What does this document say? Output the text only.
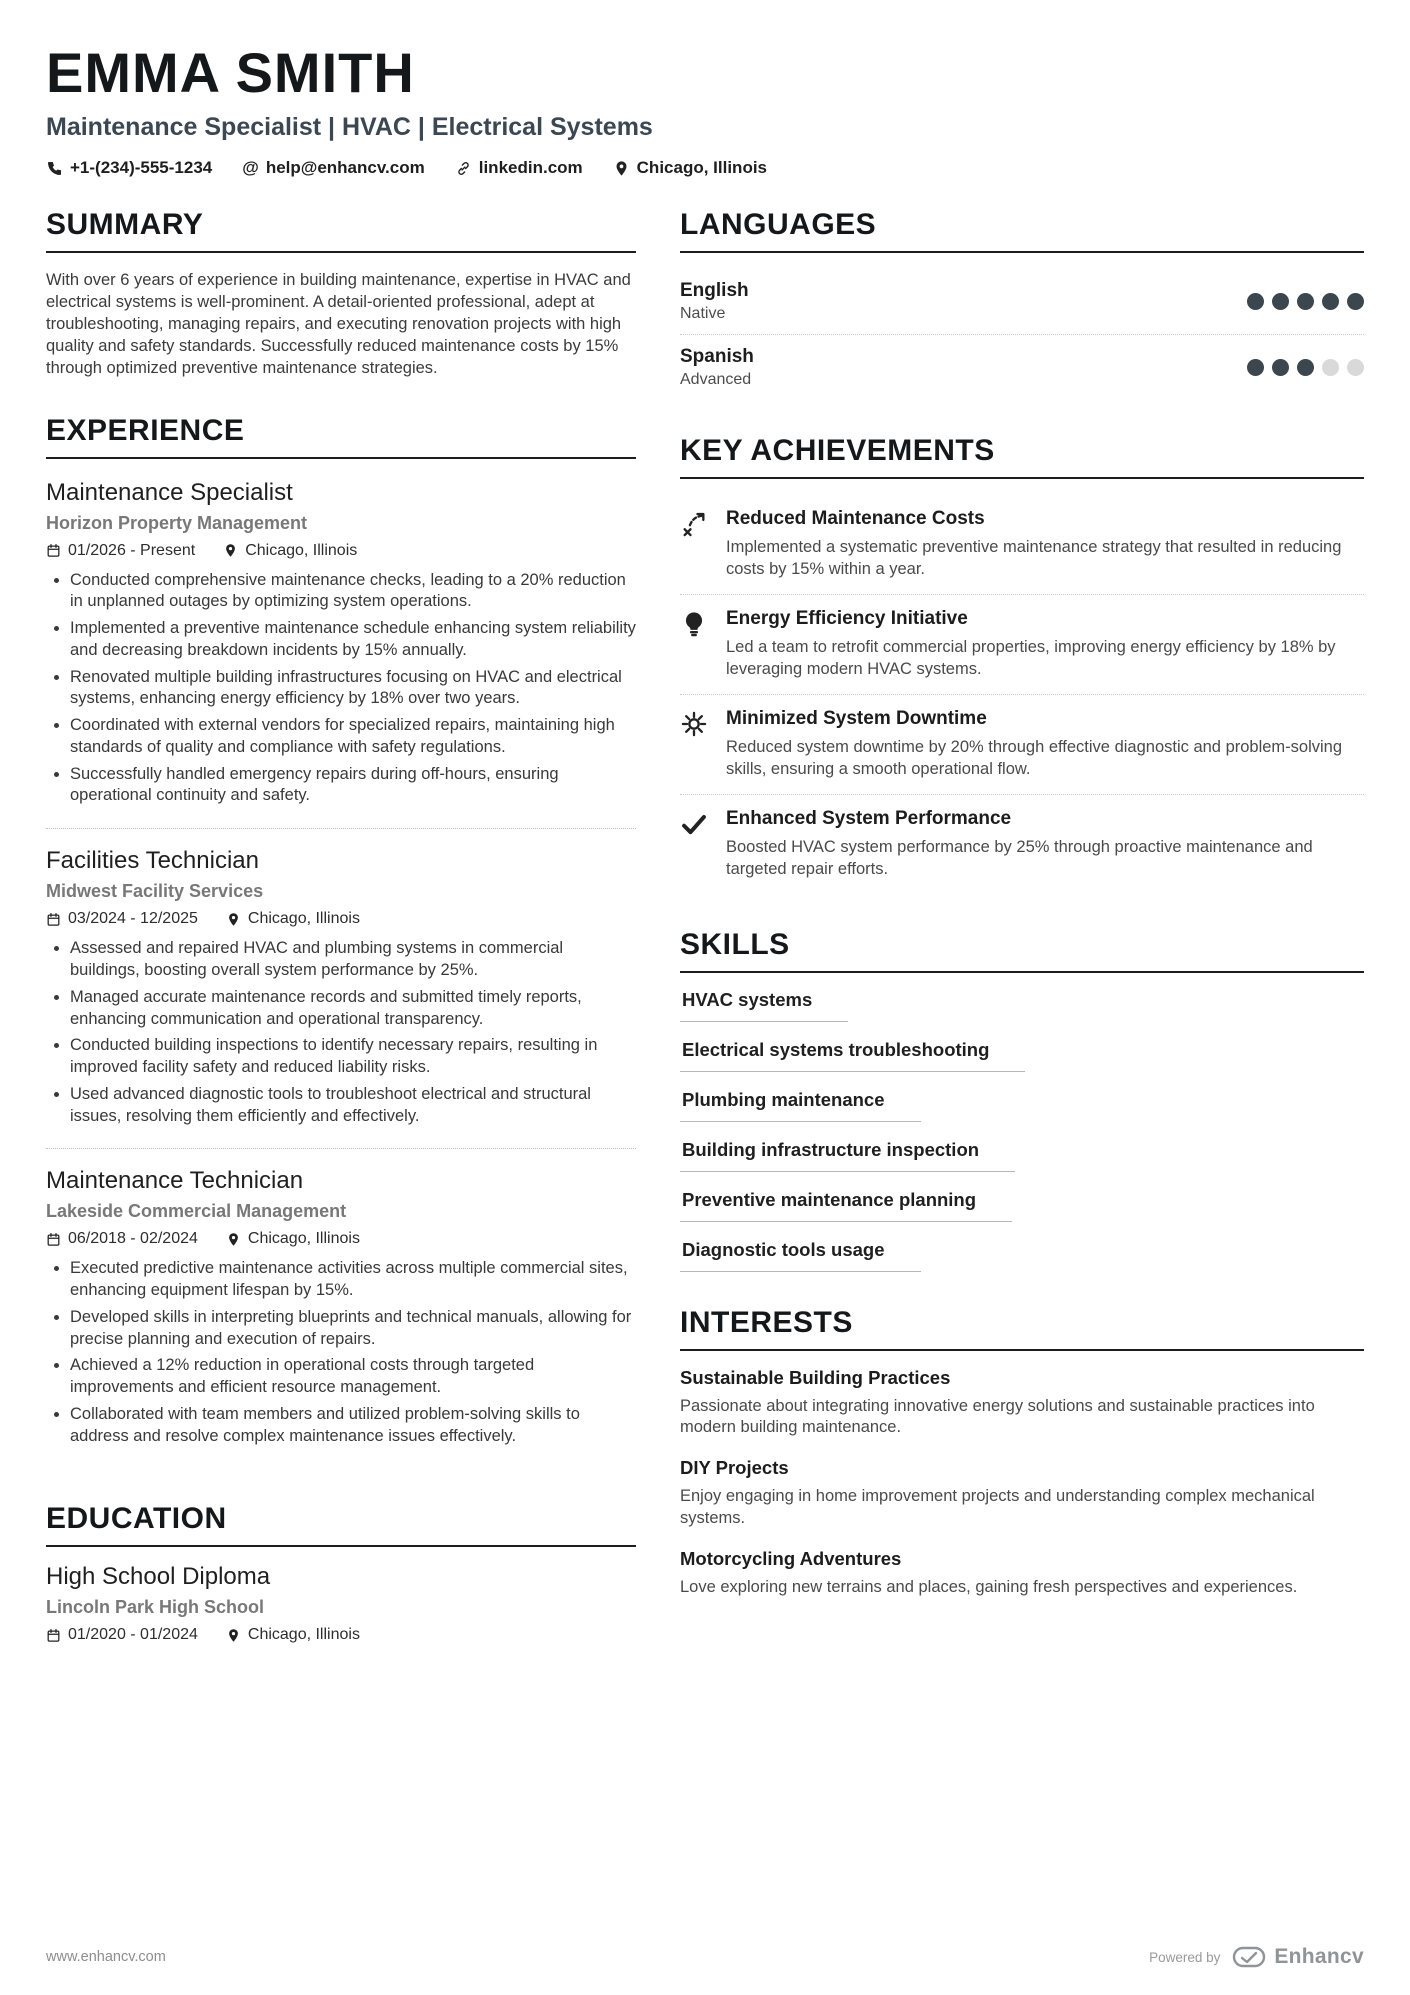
EMMA SMITH
Maintenance Specialist | HVAC | Electrical Systems
+1-(234)-555-1234 @ help@enhancv.com	linkedin.com	Chicago, Illinois
SUMMARY

With over 6 years of experience in building maintenance, expertise in HVAC and electrical systems is well-prominent. A detail-oriented professional, adept at troubleshooting, managing repairs, and executing renovation projects with high quality and safety standards. Successfully reduced maintenance costs by 15% through optimized preventive maintenance strategies.

EXPERIENCE
Maintenance Specialist
Horizon Property Management
01/2026 - Present	Chicago, Illinois
• Conducted comprehensive maintenance checks, leading to a 20% reduction in unplanned outages by optimizing system operations.
• Implemented a preventive maintenance schedule enhancing system reliability and decreasing breakdown incidents by 15% annually.
• Renovated multiple building infrastructures focusing on HVAC and electrical systems, enhancing energy efficiency by 18% over two years.
• Coordinated with external vendors for specialized repairs, maintaining high standards of quality and compliance with safety regulations.
• Successfully handled emergency repairs during off-hours, ensuring operational continuity and safety.
Facilities Technician
Midwest Facility Services
03/2024 - 12/2025	Chicago, Illinois
• Assessed and repaired HVAC and plumbing systems in commercial buildings, boosting overall system performance by 25%.
• Managed accurate maintenance records and submitted timely reports, enhancing communication and operational transparency.
• Conducted building inspections to identify necessary repairs, resulting in improved facility safety and reduced liability risks.
• Used advanced diagnostic tools to troubleshoot electrical and structural issues, resolving them efficiently and effectively.
Maintenance Technician
Lakeside Commercial Management
06/2018 - 02/2024	Chicago, Illinois
• Executed predictive maintenance activities across multiple commercial sites, enhancing equipment lifespan by 15%.
• Developed skills in interpreting blueprints and technical manuals, allowing for precise planning and execution of repairs.
• Achieved a 12% reduction in operational costs through targeted improvements and efficient resource management.
• Collaborated with team members and utilized problem-solving skills to address and resolve complex maintenance issues effectively.
EDUCATION
High School Diploma
Lincoln Park High School
01/2020 - 01/2024	Chicago, Illinois
LANGUAGES
English
Native
Spanish
Advanced
KEY ACHIEVEMENTS
Reduced Maintenance Costs

Implemented a systematic preventive maintenance strategy that resulted in reducing costs by 15% within a year.

Energy Efficiency Initiative

Led a team to retrofit commercial properties, improving energy efficiency by 18% by leveraging modern HVAC systems.

Minimized System Downtime

Reduced system downtime by 20% through effective diagnostic and problem-solving skills, ensuring a smooth operational flow.

Enhanced System Performance

Boosted HVAC system performance by 25% through proactive maintenance and targeted repair efforts.

SKILLS
HVAC systems
Electrical systems troubleshooting
Plumbing maintenance
Building infrastructure inspection
Preventive maintenance planning
Diagnostic tools usage
INTERESTS
Sustainable Building Practices

Passionate about integrating innovative energy solutions and sustainable practices into modern building maintenance.

DIY Projects

Enjoy engaging in home improvement projects and understanding complex mechanical systems.

Motorcycling Adventures

Love exploring new terrains and places, gaining fresh perspectives and experiences.

www.enhancv.com	Powered by	Enhancv
